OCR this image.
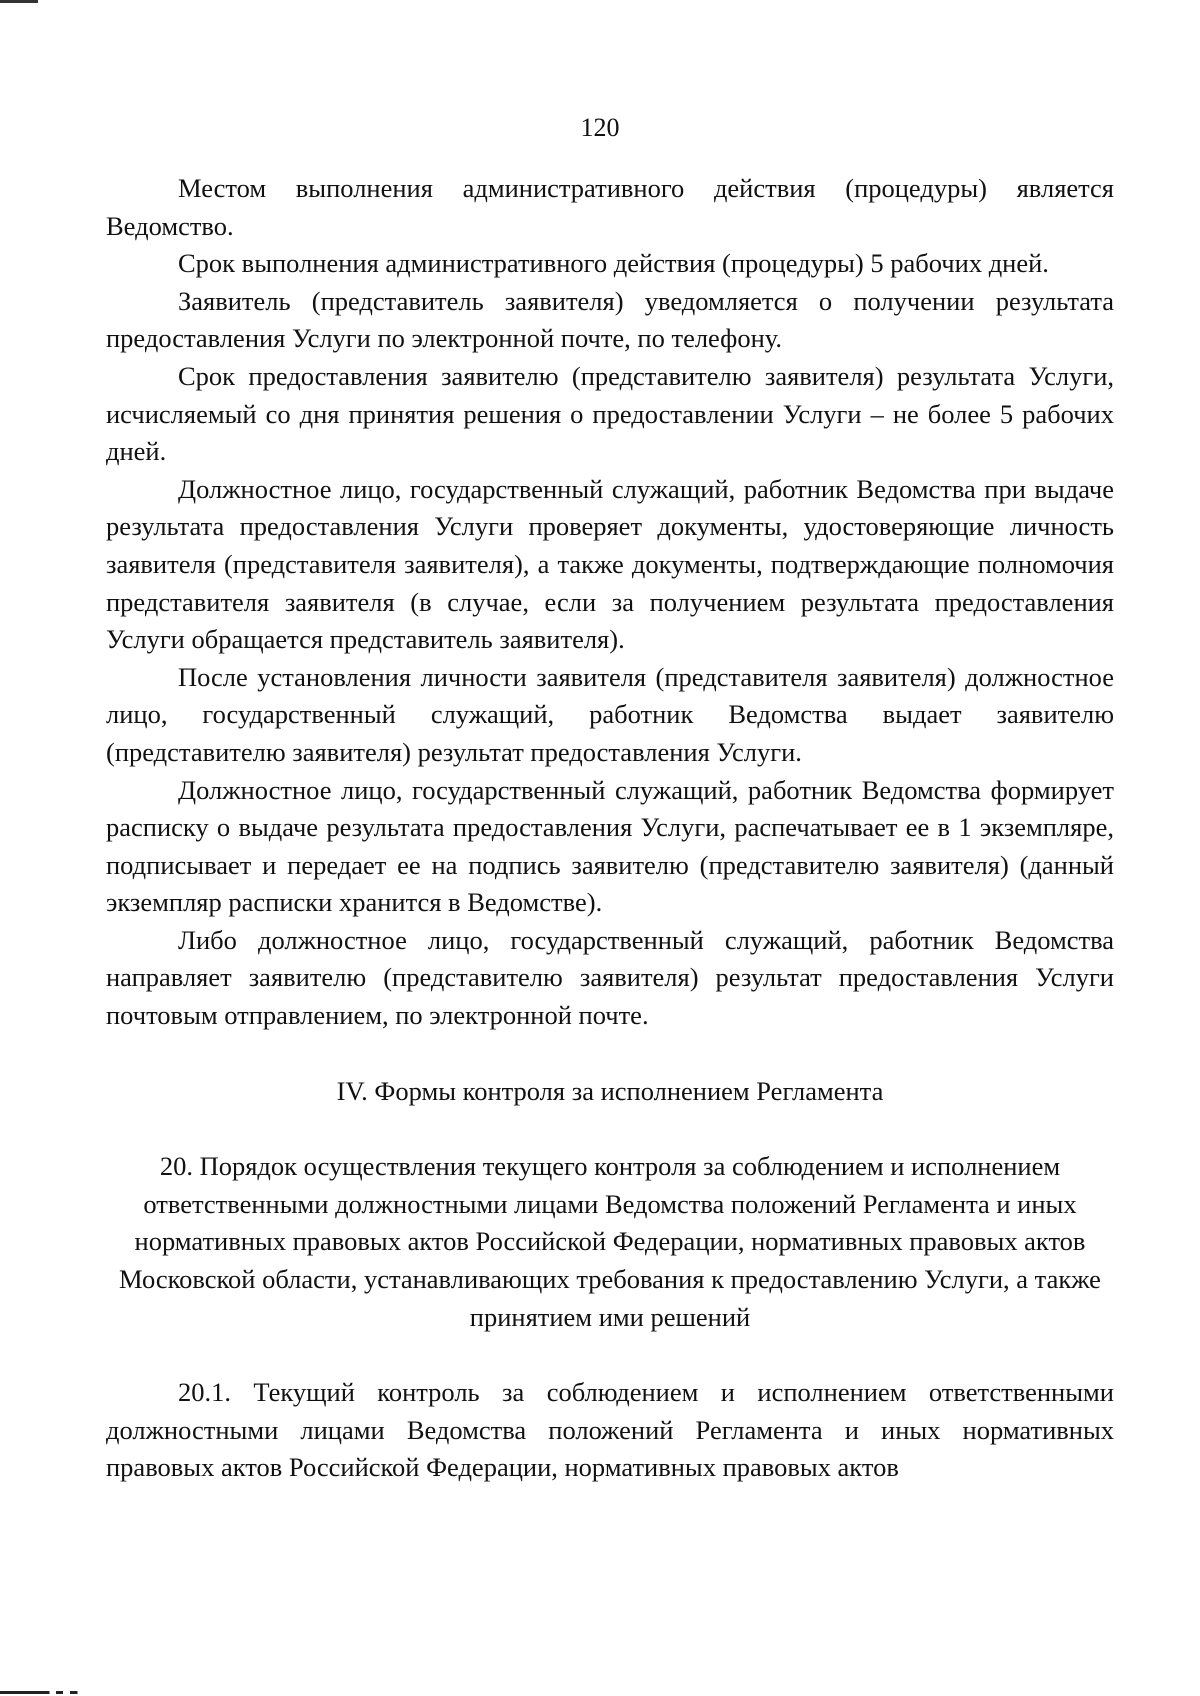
120

Местом выполнения административного действия (процедуры) является Ведомство.

Срок выполнения административного действия (процедуры) 5 рабочих дней.

Заявитель (представитель заявителя) уведомляется о получении результата предоставления Услуги по электронной почте, по телефону.

Срок предоставления заявителю (представителю заявителя) результата Услуги, исчисляемый со дня принятия решения о предоставлении Услуги – не более 5 рабочих дней.

Должностное лицо, государственный служащий, работник Ведомства при выдаче результата предоставления Услуги проверяет документы, удостоверяющие личность заявителя (представителя заявителя), а также документы, подтверждающие полномочия представителя заявителя (в случае, если за получением результата предоставления Услуги обращается представитель заявителя).

После установления личности заявителя (представителя заявителя) должностное лицо, государственный служащий, работник Ведомства выдает заявителю (представителю заявителя) результат предоставления Услуги.

Должностное лицо, государственный служащий, работник Ведомства формирует расписку о выдаче результата предоставления Услуги, распечатывает ее в 1 экземпляре, подписывает и передает ее на подпись заявителю (представителю заявителя) (данный экземпляр расписки хранится в Ведомстве).

Либо должностное лицо, государственный служащий, работник Ведомства направляет заявителю (представителю заявителя) результат предоставления Услуги почтовым отправлением, по электронной почте.

IV. Формы контроля за исполнением Регламента

20. Порядок осуществления текущего контроля за соблюдением и исполнением ответственными должностными лицами Ведомства положений Регламента и иных нормативных правовых актов Российской Федерации, нормативных правовых актов Московской области, устанавливающих требования к предоставлению Услуги, а также принятием ими решений

20.1. Текущий контроль за соблюдением и исполнением ответственными должностными лицами Ведомства положений Регламента и иных нормативных правовых актов Российской Федерации, нормативных правовых актов
